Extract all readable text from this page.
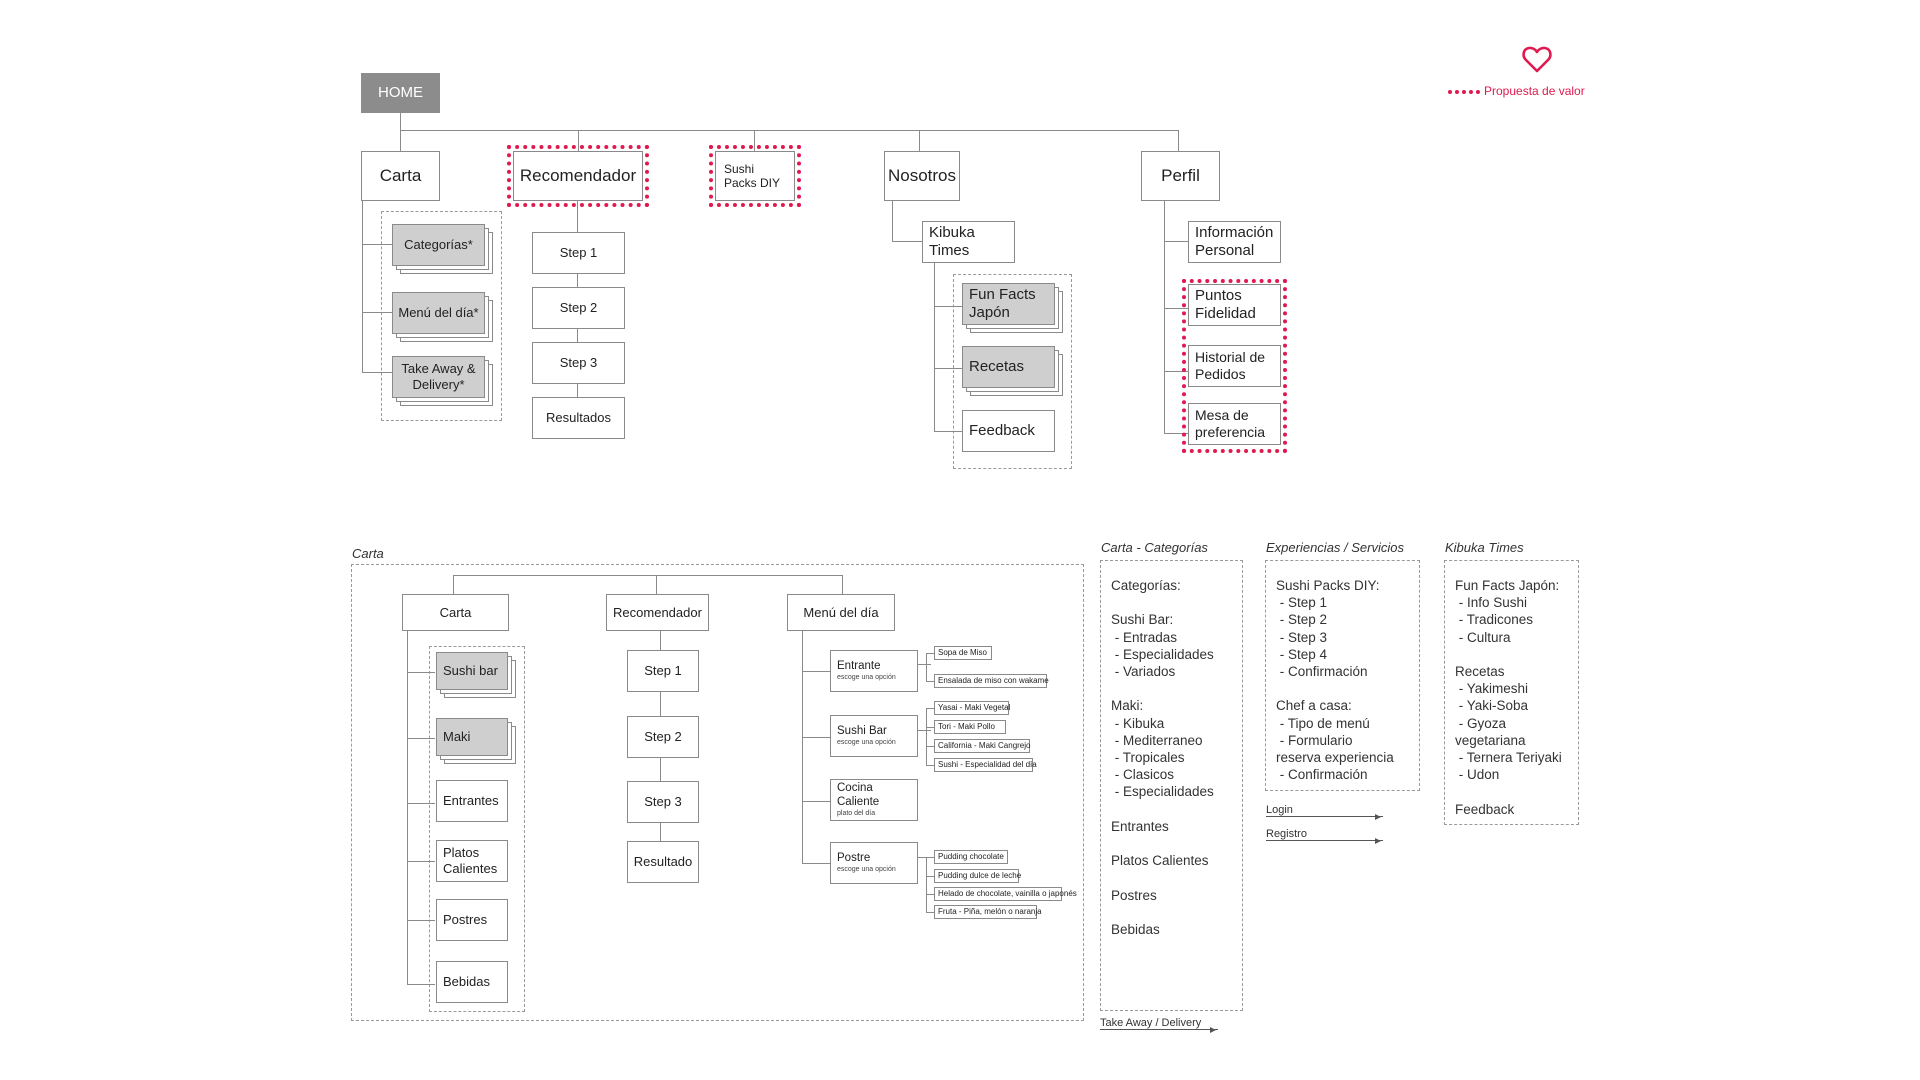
Propuesta de valor
HOME
Carta	Recomendador	Sushi Packs DIY	Nosotros	Perfil
Categorías*
Menú del día*
Take Away & Delivery*
Step 1
Step 2
Step 3
Resultados
Kibuka Times
Fun Facts Japón
Recetas
Feedback
Información Personal
Puntos Fidelidad
Historial de Pedidos
Mesa de preferencia
Carta
Carta	Recomendador	Menú del día
Sushi bar
Maki
Entrantes
Platos Calientes
Postres
Bebidas
Step 1
Step 2
Step 3
Resultado
Entrante
escoge una opción
Sushi Bar
escoge una opción
Cocina Caliente
plato del día
Postre
escoge una opción
Sopa de Miso
Ensalada de miso con wakame
Yasai - Maki Vegetal
Tori - Maki Pollo
California - Maki Cangrejo
Sushi - Especialidad del día
Pudding chocolate
Pudding dulce de leche
Helado de chocolate, vainilla o japonés
Fruta - Piña, melón o naranja
Carta - Categorías
Categorías:

Sushi Bar:
- Entradas
- Especialidades
- Variados

Maki:
- Kibuka
- Mediterraneo
- Tropicales
- Clasicos
- Especialidades

Entrantes

Platos Calientes

Postres

Bebidas
Take Away / Delivery
Experiencias / Servicios
Sushi Packs DIY:
- Step 1
- Step 2
- Step 3
- Step 4
- Confirmación

Chef a casa:
- Tipo de menú
- Formulario
reserva experiencia
- Confirmación
Login
Registro
Kibuka Times
Fun Facts Japón:
- Info Sushi
- Tradicones
- Cultura

Recetas
- Yakimeshi
- Yaki-Soba
- Gyoza
vegetariana
- Ternera Teriyaki
- Udon

Feedback
